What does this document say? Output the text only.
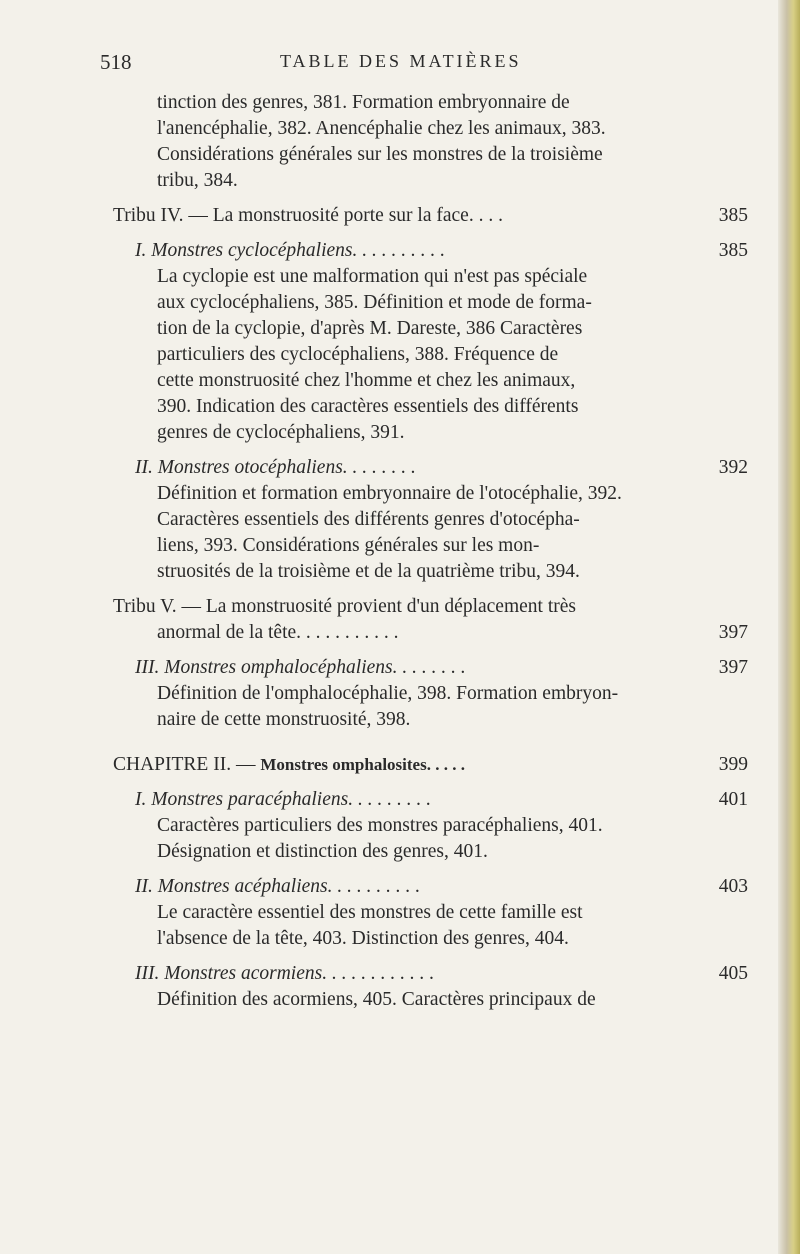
518	TABLE DES MATIÈRES
tinction des genres, 381. Formation embryonnaire de
l'anencéphalie, 382. Anencéphalie chez les animaux, 383.
Considérations générales sur les monstres de la troisième
tribu, 384.
Tribu IV. — La monstruosité porte sur la face. . . .	385
I. Monstres cyclocéphaliens. . . . . . . . . .	385
La cyclopie est une malformation qui n'est pas spéciale
aux cyclocéphaliens, 385. Définition et mode de forma-
tion de la cyclopie, d'après M. Dareste, 386 Caractères
particuliers des cyclocéphaliens, 388. Fréquence de
cette monstruosité chez l'homme et chez les animaux,
390. Indication des caractères essentiels des différents
genres de cyclocéphaliens, 391.
II. Monstres otocéphaliens. . . . . . . .	392
Définition et formation embryonnaire de l'otocéphalie, 392.
Caractères essentiels des différents genres d'otocépha-
liens, 393. Considérations générales sur les mon-
struosités de la troisième et de la quatrième tribu, 394.
Tribu V. — La monstruosité provient d'un déplacement très
anormal de la tête. . . . . . . . . . .	397
III. Monstres omphalocéphaliens. . . . . . . .	397
Définition de l'omphalocéphalie, 398. Formation embryon-
naire de cette monstruosité, 398.
CHAPITRE II. — Monstres omphalosites. . . . .	399
I. Monstres paracéphaliens. . . . . . . . .	401
Caractères particuliers des monstres paracéphaliens, 401.
Désignation et distinction des genres, 401.
II. Monstres acéphaliens. . . . . . . . . .	403
Le caractère essentiel des monstres de cette famille est
l'absence de la tête, 403. Distinction des genres, 404.
III. Monstres acormiens. . . . . . . . . . . .	405
Définition des acormiens, 405. Caractères principaux de
